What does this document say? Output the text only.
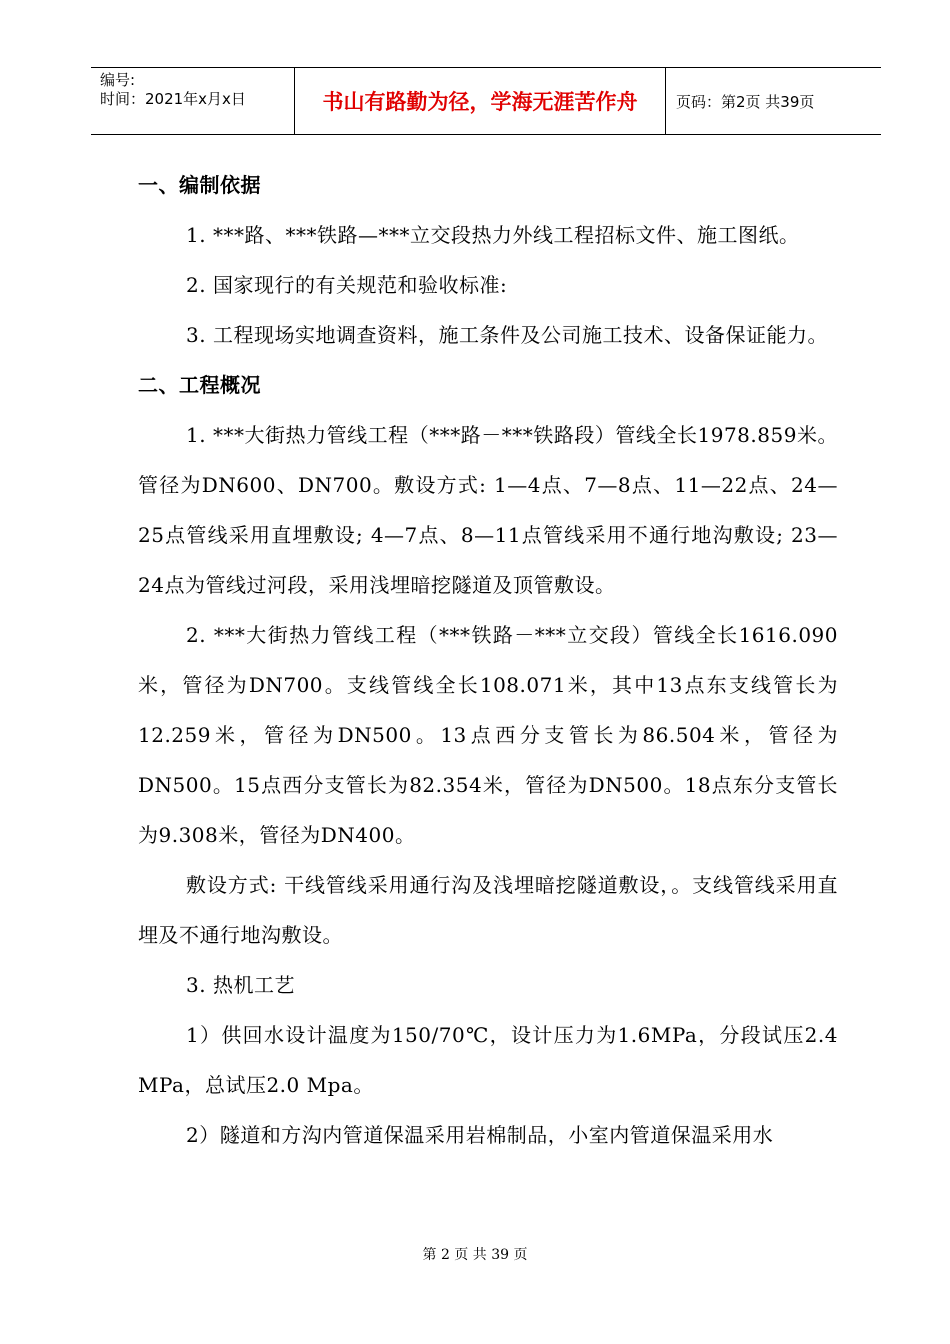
编号:
时间：2021年x月x日	书山有路勤为径，学海无涯苦作舟	页码：第2页 共39页

一、编制依据

1. ***路、***铁路—***立交段热力外线工程招标文件、施工图纸。

2. 国家现行的有关规范和验收标准:

3. 工程现场实地调查资料，施工条件及公司施工技术、设备保证能力。

二、工程概况

1. ***大街热力管线工程（***路－***铁路段）管线全长1978.859米。管径为DN600、DN700。敷设方式: 1—4点、7—8点、11—22点、24—25点管线采用直埋敷设; 4—7点、8—11点管线采用不通行地沟敷设; 23—24点为管线过河段，采用浅埋暗挖隧道及顶管敷设。

2. ***大街热力管线工程（***铁路－***立交段）管线全长1616.090米，管径为DN700。支线管线全长108.071米，其中13点东支线管长为12.259米，管径为DN500。13点西分支管长为86.504米，管径为DN500。15点西分支管长为82.354米，管径为DN500。18点东分支管长为9.308米，管径为DN400。

敷设方式: 干线管线采用通行沟及浅埋暗挖隧道敷设，。支线管线采用直埋及不通行地沟敷设。

3. 热机工艺

1）供回水设计温度为150/70℃，设计压力为1.6MPa，分段试压2.4 MPa，总试压2.0 Mpa。

2）隧道和方沟内管道保温采用岩棉制品，小室内管道保温采用水

第 2 页 共 39 页
